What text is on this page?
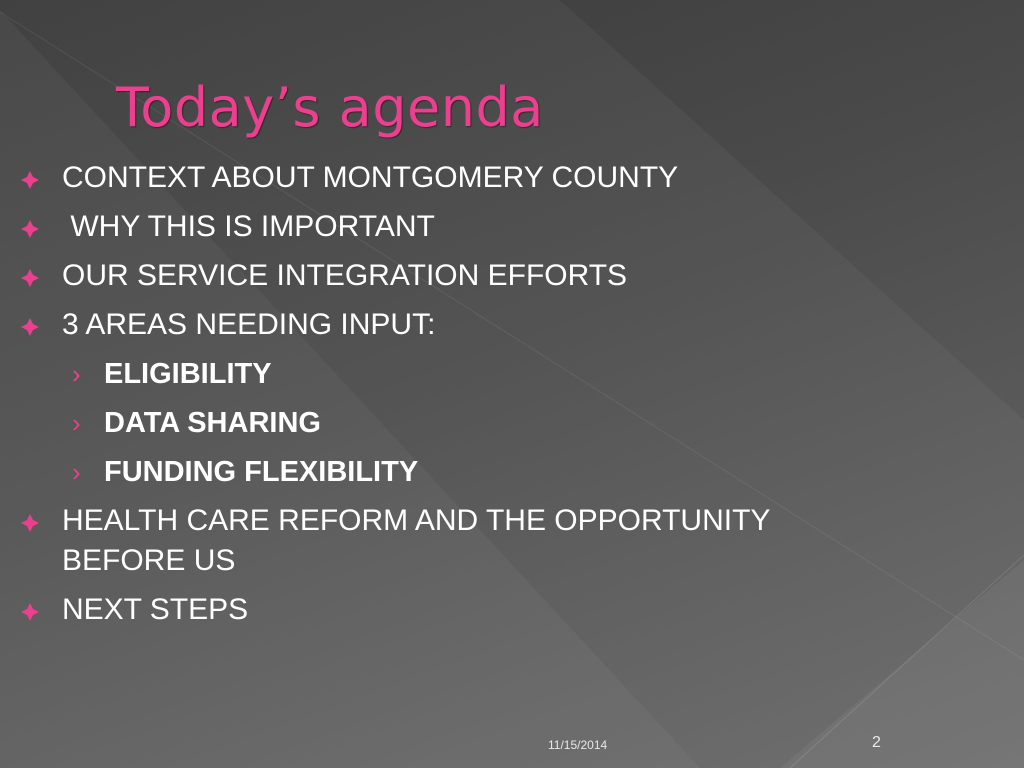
Today’s agenda
CONTEXT ABOUT MONTGOMERY COUNTY
WHY THIS IS IMPORTANT
OUR SERVICE INTEGRATION EFFORTS
3 AREAS NEEDING INPUT:
› ELIGIBILITY
› DATA SHARING
› FUNDING FLEXIBILITY
HEALTH CARE REFORM AND THE OPPORTUNITY BEFORE US
NEXT STEPS
11/15/2014	2
